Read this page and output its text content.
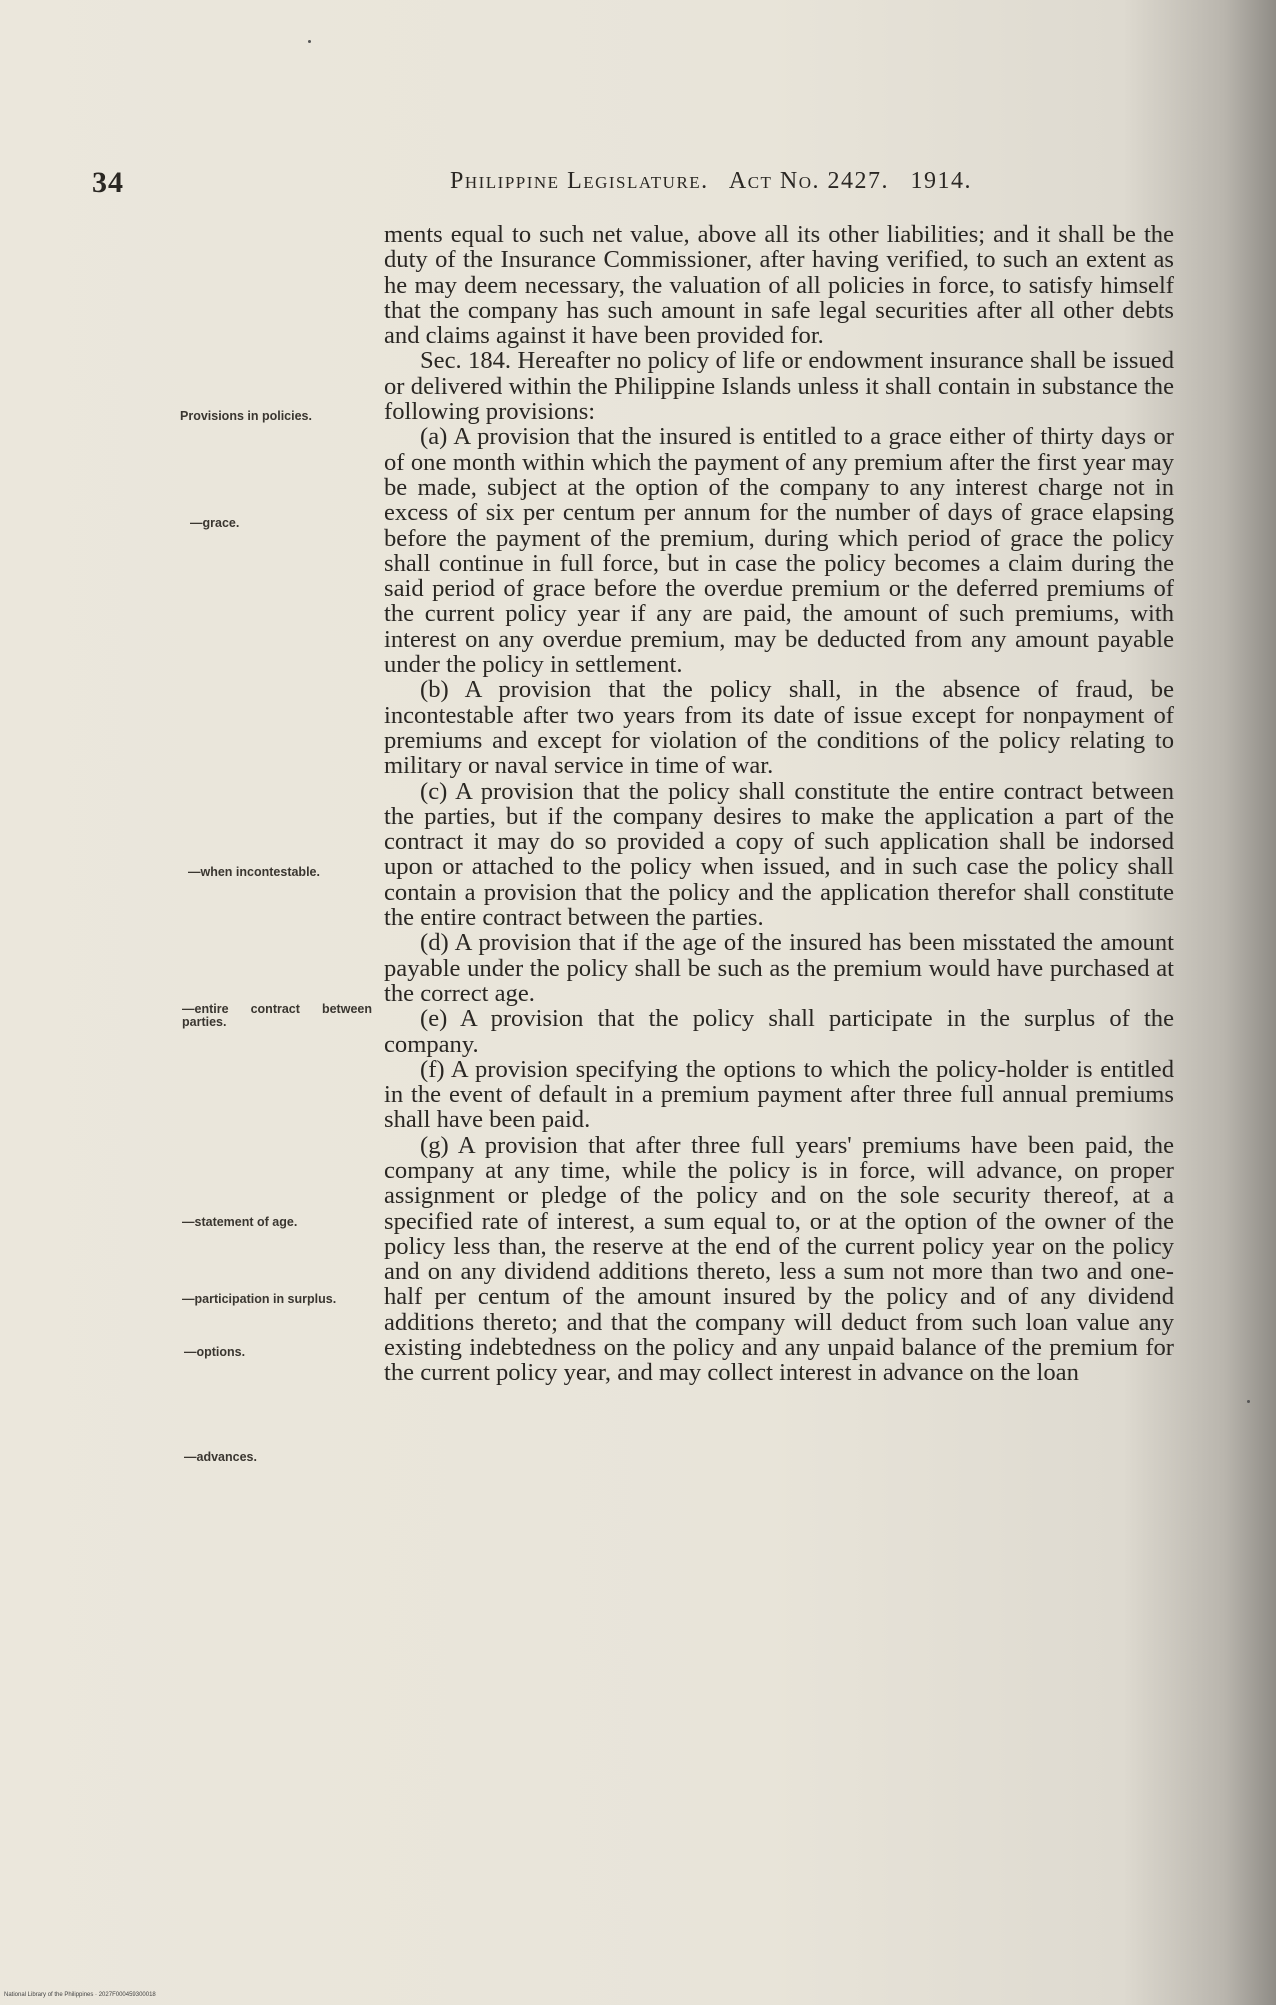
34	Philippine Legislature. Act No. 2427. 1914.
Provisions in policies.
—grace.
—when incontestable.
—entire contract between parties.
—statement of age.
—participation in surplus.
—options.
—advances.

ments equal to such net value, above all its other liabilities; and it shall be the duty of the Insurance Commissioner, after having verified, to such an extent as he may deem necessary, the valuation of all policies in force, to satisfy himself that the company has such amount in safe legal securities after all other debts and claims against it have been provided for.

Sec. 184. Hereafter no policy of life or endowment insurance shall be issued or delivered within the Philippine Islands unless it shall contain in substance the following provisions:

(a) A provision that the insured is entitled to a grace either of thirty days or of one month within which the payment of any premium after the first year may be made, subject at the option of the company to any interest charge not in excess of six per centum per annum for the number of days of grace elapsing before the payment of the premium, during which period of grace the policy shall continue in full force, but in case the policy becomes a claim during the said period of grace before the overdue premium or the deferred premiums of the current policy year if any are paid, the amount of such premiums, with interest on any overdue premium, may be deducted from any amount payable under the policy in settlement.

(b) A provision that the policy shall, in the absence of fraud, be incontestable after two years from its date of issue except for nonpayment of premiums and except for violation of the conditions of the policy relating to military or naval service in time of war.

(c) A provision that the policy shall constitute the entire contract between the parties, but if the company desires to make the application a part of the contract it may do so provided a copy of such application shall be indorsed upon or attached to the policy when issued, and in such case the policy shall contain a provision that the policy and the application therefor shall constitute the entire contract between the parties.

(d) A provision that if the age of the insured has been misstated the amount payable under the policy shall be such as the premium would have purchased at the correct age.

(e) A provision that the policy shall participate in the surplus of the company.

(f) A provision specifying the options to which the policy-holder is entitled in the event of default in a premium payment after three full annual premiums shall have been paid.

(g) A provision that after three full years' premiums have been paid, the company at any time, while the policy is in force, will advance, on proper assignment or pledge of the policy and on the sole security thereof, at a specified rate of interest, a sum equal to, or at the option of the owner of the policy less than, the reserve at the end of the current policy year on the policy and on any dividend additions thereto, less a sum not more than two and one-half per centum of the amount insured by the policy and of any dividend additions thereto; and that the company will deduct from such loan value any existing indebtedness on the policy and any unpaid balance of the premium for the current policy year, and may collect interest in advance on the loan

National Library of the Philippines · 2027F000459300018
